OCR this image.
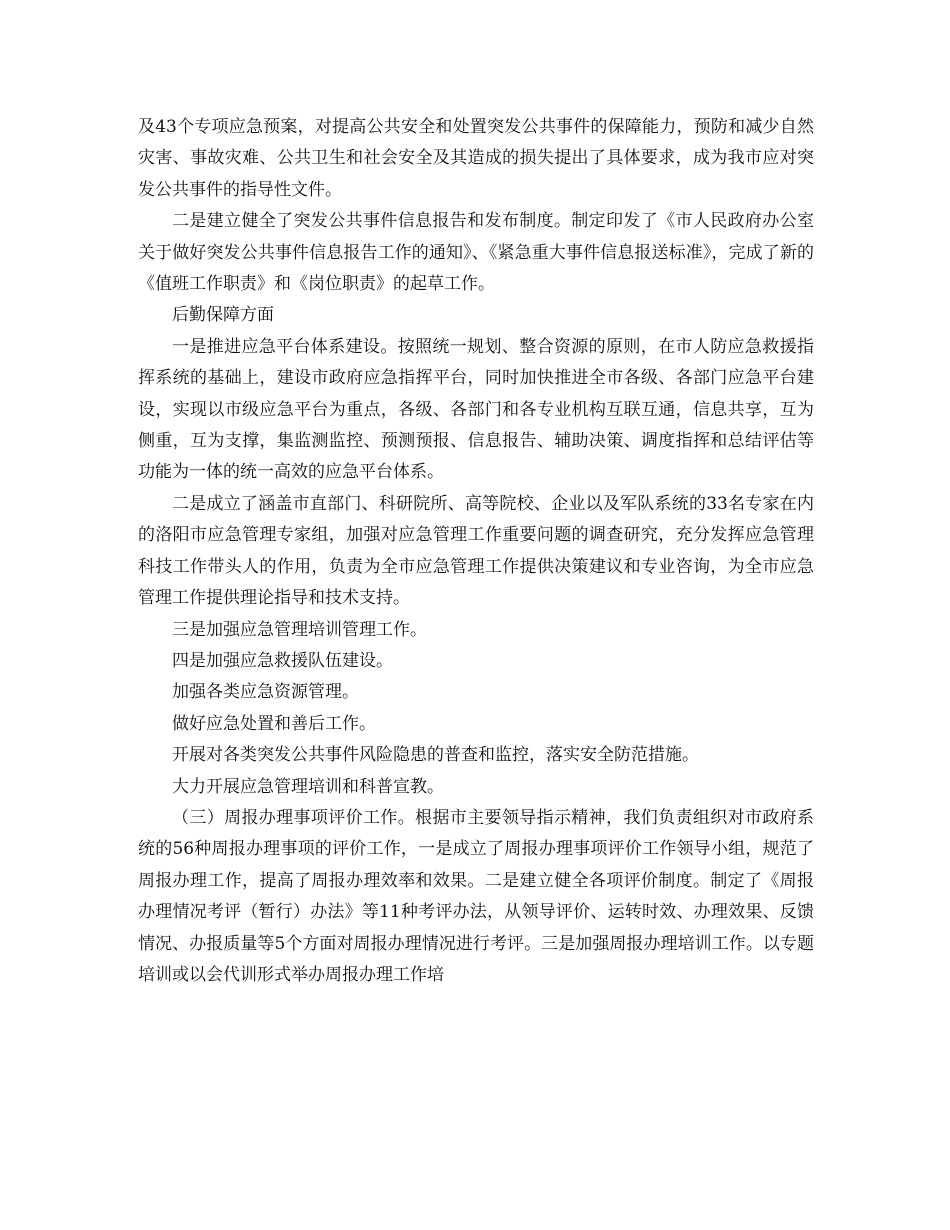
及43个专项应急预案，对提高公共安全和处置突发公共事件的保障能力，预防和减少自然灾害、事故灾难、公共卫生和社会安全及其造成的损失提出了具体要求，成为我市应对突发公共事件的指导性文件。

二是建立健全了突发公共事件信息报告和发布制度。制定印发了《市人民政府办公室关于做好突发公共事件信息报告工作的通知》、《紧急重大事件信息报送标准》，完成了新的《值班工作职责》和《岗位职责》的起草工作。

后勤保障方面

一是推进应急平台体系建设。按照统一规划、整合资源的原则，在市人防应急救援指挥系统的基础上，建设市政府应急指挥平台，同时加快推进全市各级、各部门应急平台建设，实现以市级应急平台为重点，各级、各部门和各专业机构互联互通，信息共享，互为侧重，互为支撑，集监测监控、预测预报、信息报告、辅助决策、调度指挥和总结评估等功能为一体的统一高效的应急平台体系。

二是成立了涵盖市直部门、科研院所、高等院校、企业以及军队系统的33名专家在内的洛阳市应急管理专家组，加强对应急管理工作重要问题的调查研究，充分发挥应急管理科技工作带头人的作用，负责为全市应急管理工作提供决策建议和专业咨询，为全市应急管理工作提供理论指导和技术支持。

三是加强应急管理培训管理工作。

四是加强应急救援队伍建设。

加强各类应急资源管理。

做好应急处置和善后工作。

开展对各类突发公共事件风险隐患的普查和监控，落实安全防范措施。

大力开展应急管理培训和科普宣教。

（三）周报办理事项评价工作。根据市主要领导指示精神，我们负责组织对市政府系统的56种周报办理事项的评价工作，一是成立了周报办理事项评价工作领导小组，规范了周报办理工作，提高了周报办理效率和效果。二是建立健全各项评价制度。制定了《周报办理情况考评（暂行）办法》等11种考评办法，从领导评价、运转时效、办理效果、反馈情况、办报质量等5个方面对周报办理情况进行考评。三是加强周报办理培训工作。以专题培训或以会代训形式举办周报办理工作培
